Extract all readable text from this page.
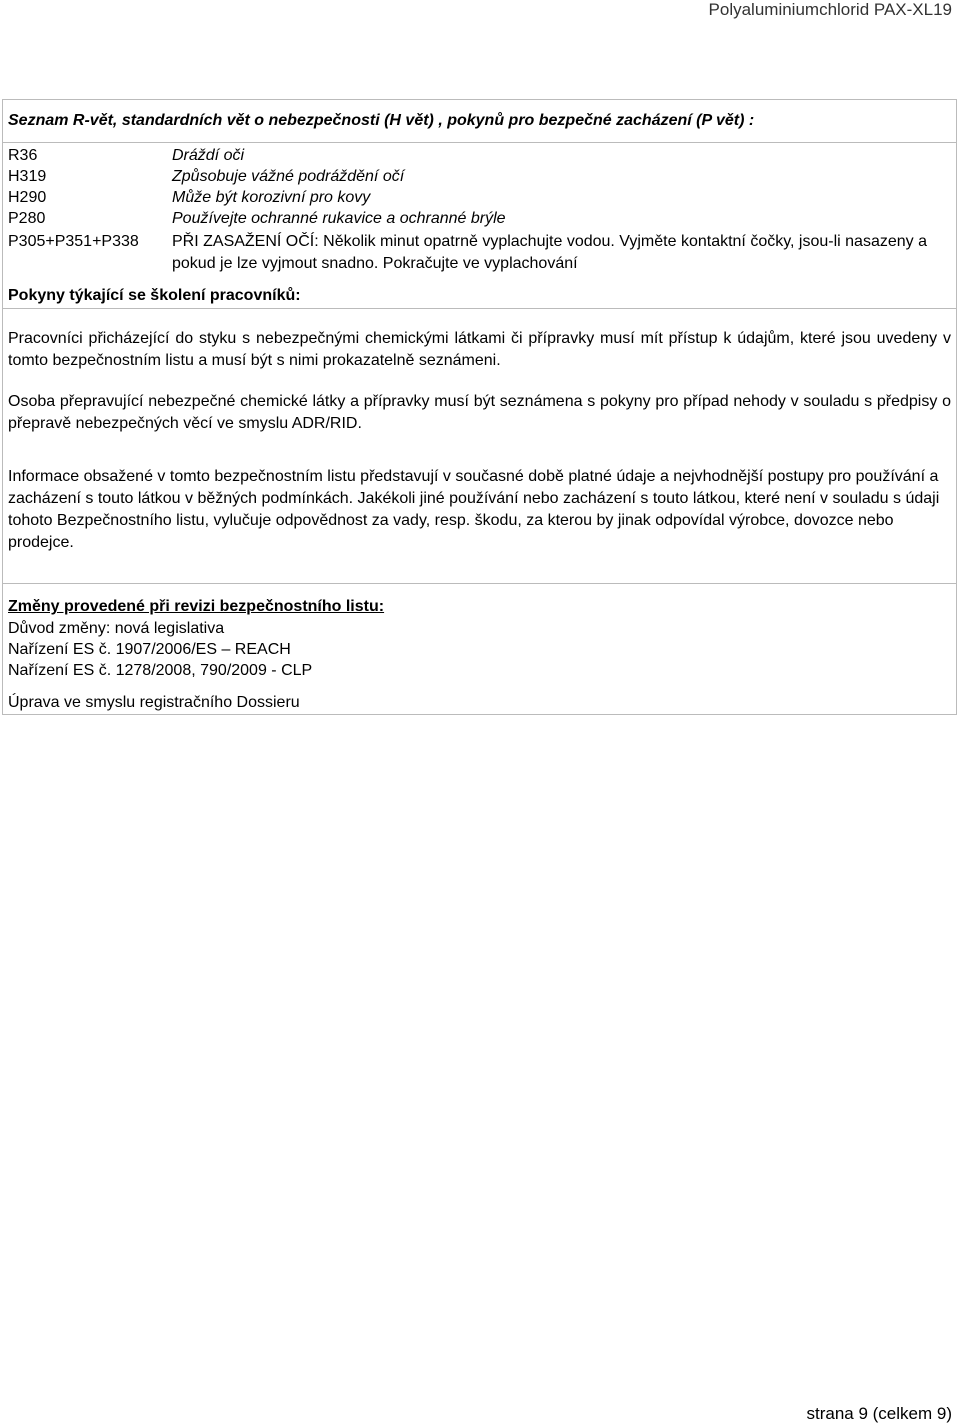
Polyaluminiumchlorid PAX-XL19
Seznam R-vět, standardních vět o nebezpečnosti (H vět) , pokynů pro bezpečné zacházení (P vět) :
R36	Dráždí oči
H319	Způsobuje vážné podráždění očí
H290	Může být korozivní pro kovy
P280	Používejte ochranné rukavice a ochranné brýle
P305+P351+P338 PŘI ZASAŽENÍ OČÍ: Několik minut opatrně vyplachujte vodou. Vyjměte kontaktní čočky, jsou-li nasazeny a pokud je lze vyjmout snadno. Pokračujte ve vyplachování
Pokyny týkající se školení pracovníků:
Pracovníci přicházející do styku s nebezpečnými chemickými látkami či přípravky musí mít přístup k údajům, které jsou uvedeny v tomto bezpečnostním listu a musí být s nimi prokazatelně seznámeni.
Osoba přepravující nebezpečné chemické látky a přípravky musí být seznámena s pokyny pro případ nehody v souladu s předpisy o přepravě nebezpečných věcí ve smyslu ADR/RID.
Informace obsažené v tomto bezpečnostním listu představují v současné době platné údaje a nejvhodnější postupy pro používání a zacházení s touto látkou v běžných podmínkách. Jakékoli jiné používání nebo zacházení s touto látkou, které není v souladu s údaji tohoto Bezpečnostního listu, vylučuje odpovědnost za vady, resp. škodu, za kterou by jinak odpovídal výrobce, dovozce nebo prodejce.
Změny provedené při revizi bezpečnostního listu:
Důvod změny: nová legislativa
Nařízení ES č. 1907/2006/ES – REACH
Nařízení ES č. 1278/2008, 790/2009 - CLP
Úprava ve smyslu registračního Dossieru
strana 9 (celkem 9)
